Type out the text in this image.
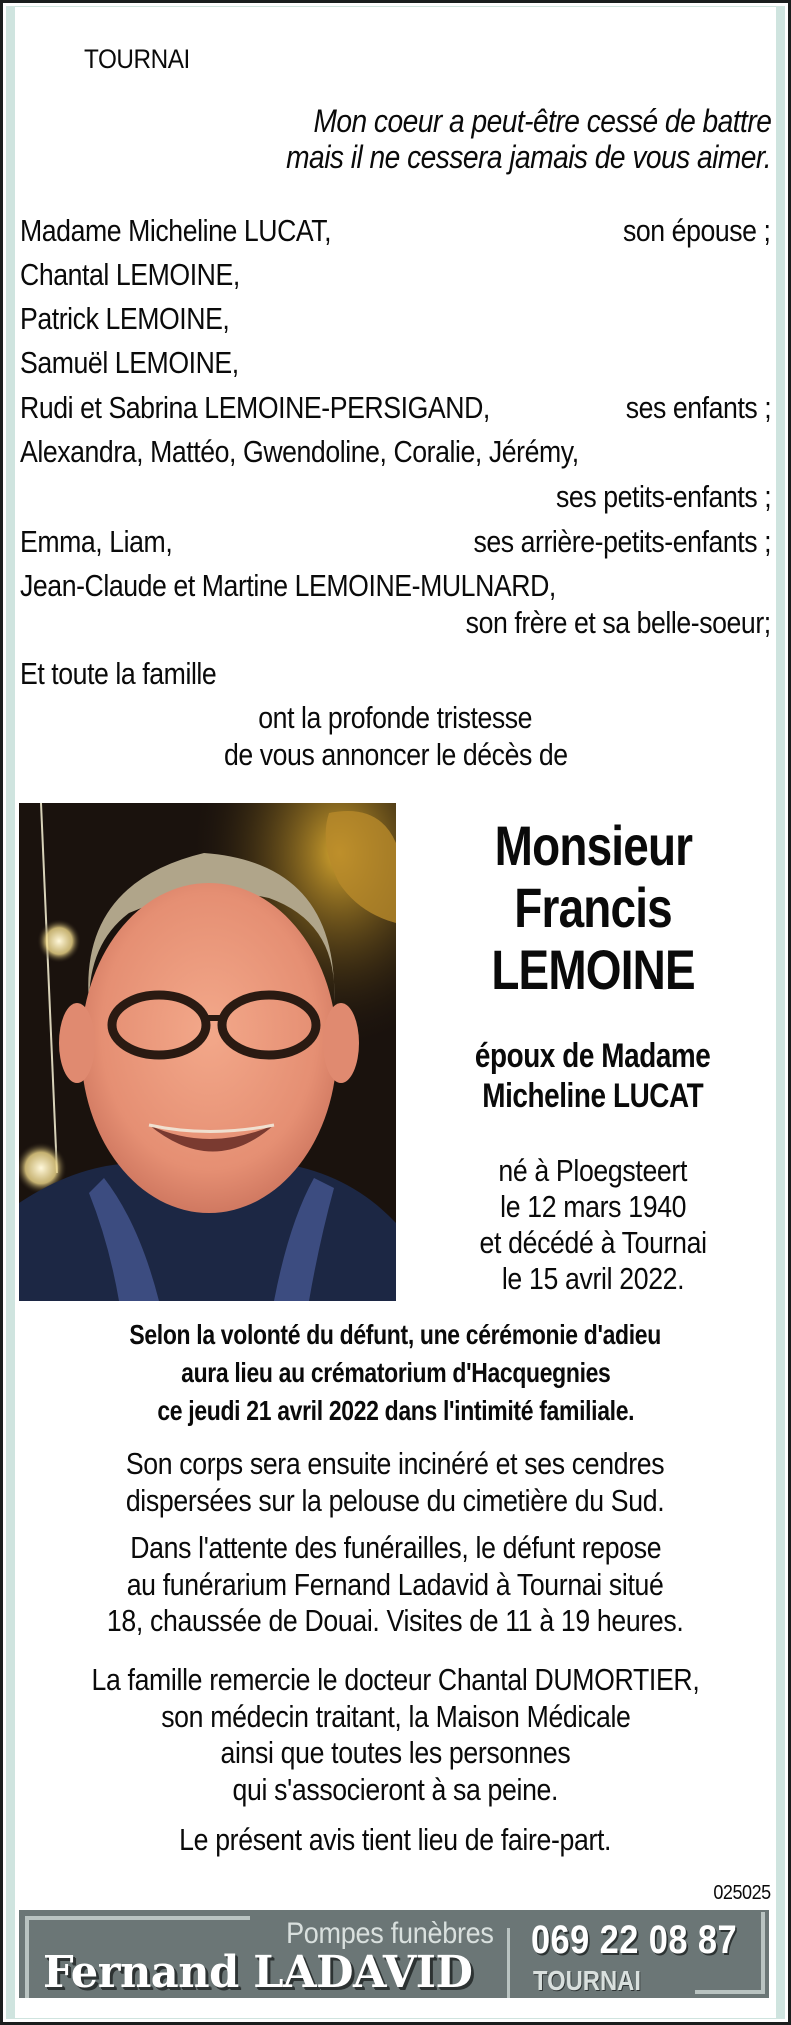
TOURNAI
Mon coeur a peut-être cessé de battre
mais il ne cessera jamais de vous aimer.
Madame Micheline LUCAT,	son épouse ;
Chantal LEMOINE,
Patrick LEMOINE,
Samuël LEMOINE,
Rudi et Sabrina LEMOINE-PERSIGAND,	ses enfants ;
Alexandra, Mattéo, Gwendoline, Coralie, Jérémy,
ses petits-enfants ;
Emma, Liam,	ses arrière-petits-enfants ;
Jean-Claude et Martine LEMOINE-MULNARD,
son frère et sa belle-soeur;
Et toute la famille
ont la profonde tristesse
de vous annoncer le décès de
Monsieur
Francis
LEMOINE
époux de Madame
Micheline LUCAT
né à Ploegsteert
le 12 mars 1940
et décédé à Tournai
le 15 avril 2022.
Selon la volonté du défunt, une cérémonie d'adieu
aura lieu au crématorium d'Hacquegnies
ce jeudi 21 avril 2022 dans l'intimité familiale.
Son corps sera ensuite incinéré et ses cendres
dispersées sur la pelouse du cimetière du Sud.
Dans l'attente des funérailles, le défunt repose
au funérarium Fernand Ladavid à Tournai situé
18, chaussée de Douai. Visites de 11 à 19 heures.
La famille remercie le docteur Chantal DUMORTIER,
son médecin traitant, la Maison Médicale
ainsi que toutes les personnes
qui s'associeront à sa peine.
Le présent avis tient lieu de faire-part.
025025
Pompes funèbres
Fernand LADAVID
069 22 08 87
TOURNAI
